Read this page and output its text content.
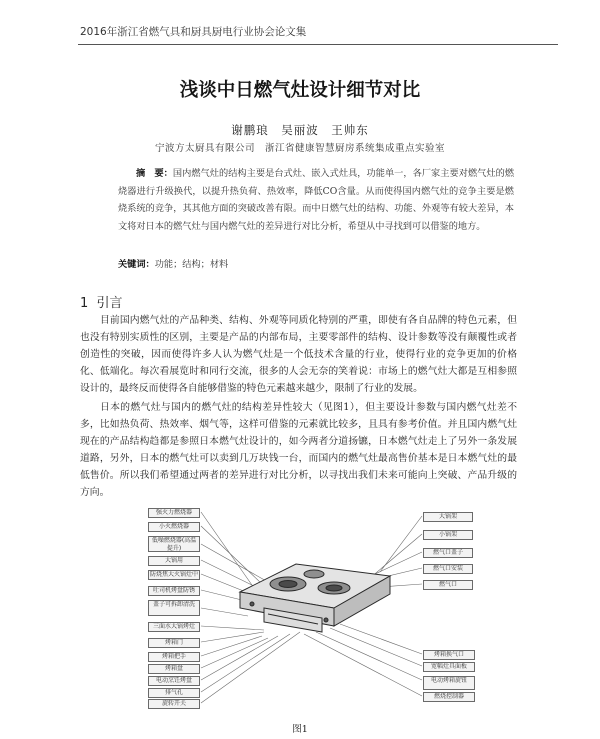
2016年浙江省燃气具和厨具厨电行业协会论文集
浅谈中日燃气灶设计细节对比
谢鹏琅　吴丽波　王帅东
宁波方太厨具有限公司　浙江省健康智慧厨房系统集成重点实验室
摘　要：国内燃气灶的结构主要是台式灶、嵌入式灶具，功能单一，各厂家主要对燃气灶的燃烧器进行升级换代，以提升热负荷、热效率，降低CO含量。从而使得国内燃气灶的竞争主要是燃烧系统的竞争，其其他方面的突破改善有限。而中日燃气灶的结构、功能、外观等有较大差异，本文将对日本的燃气灶与国内燃气灶的差异进行对比分析，希望从中寻找到可以借鉴的地方。
关键词：功能；结构；材料
1 引言
目前国内燃气灶的产品种类、结构、外观等同质化特别的严重，即使有各自品牌的特色元素，但也没有特别实质性的区别，主要是产品的内部布局，主要零部件的结构、设计参数等没有颠覆性或者创造性的突破，因而使得许多人认为燃气灶是一个低技术含量的行业，使得行业的竞争更加的价格化、低端化。每次看展览时和同行交流，很多的人会无奈的笑着说：市场上的燃气灶大都是互相参照设计的，最终反而使得各自能够借鉴的特色元素越来越少，限制了行业的发展。
日本的燃气灶与国内的燃气灶的结构差异性较大（见图1），但主要设计参数与国内燃气灶差不多，比如热负荷、热效率、烟气等，这样可借鉴的元素就比较多，且具有参考价值。并且国内燃气灶现在的产品结构趋都是参照日本燃气灶设计的，如今两者分道扬镳，日本燃气灶走上了另外一条发展道路，另外，日本的燃气灶可以卖到几万块钱一台，而国内的燃气灶最高售价基本是日本燃气灶的最低售价。所以我们希望通过两者的差异进行对比分析，以寻找出我们未来可能向上突破、产品升级的方向。
强火力燃烧器
小火燃烧器
低噪燃烧器(高温提升)
大锅用
防烧焦大火锅灶中
吐司机烤盘防锈
盖子可拆卸清洗
三面水大锅烤灶
大锅架
小锅架
燃气口盖子
燃气口安装
燃气口
烤箱门
烤箱把手
烤箱盘
电动烹饪烤盘
排气孔
旋转开关
烤箱换气口
宽幅灶具面板
电动烤箱旋钮
燃烧控制器
图1
